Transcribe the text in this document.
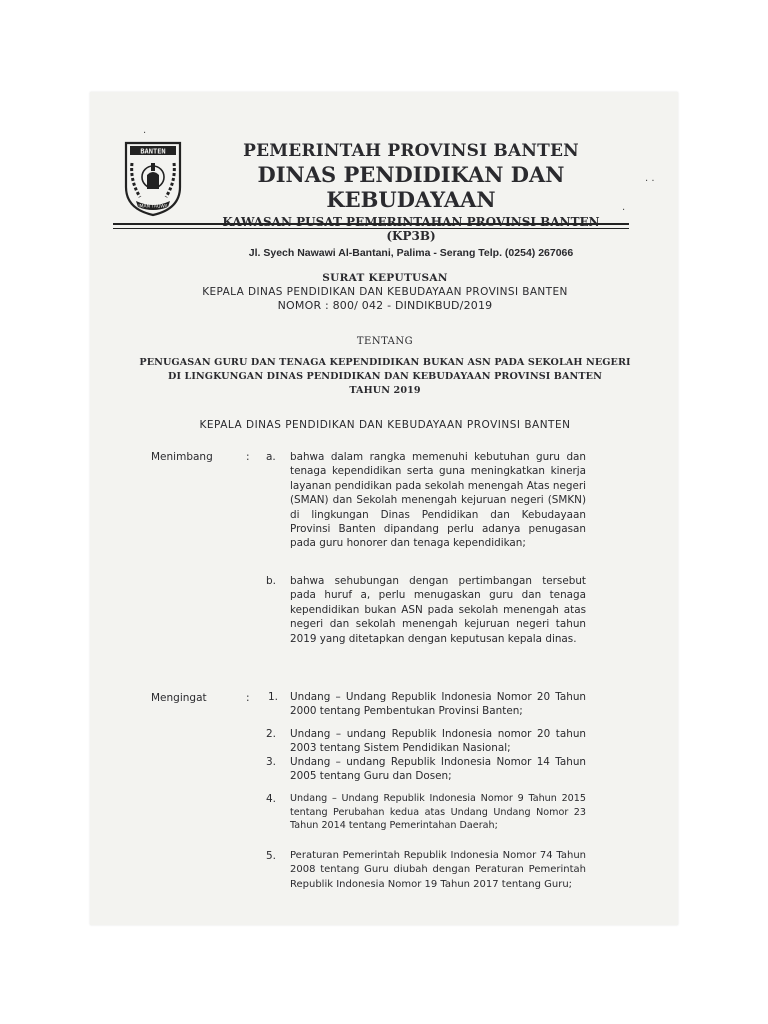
BANTEN
IMAN TAQWA
PEMERINTAH PROVINSI BANTEN
DINAS PENDIDIKAN DAN KEBUDAYAAN
KAWASAN PUSAT PEMERINTAHAN PROVINSI BANTEN (KP3B)
Jl. Syech Nawawi Al-Bantani, Palima - Serang Telp. (0254) 267066
SURAT KEPUTUSAN
KEPALA DINAS PENDIDIKAN DAN KEBUDAYAAN PROVINSI BANTEN
NOMOR : 800/ 042 - DINDIKBUD/2019
TENTANG
PENUGASAN GURU DAN TENAGA KEPENDIDIKAN BUKAN ASN PADA SEKOLAH NEGERI
DI LINGKUNGAN DINAS PENDIDIKAN DAN KEBUDAYAAN PROVINSI BANTEN
TAHUN 2019
KEPALA DINAS PENDIDIKAN DAN KEBUDAYAAN PROVINSI BANTEN
Menimbang	: a. bahwa dalam rangka memenuhi kebutuhan guru dan tenaga kependidikan serta guna meningkatkan kinerja layanan pendidikan pada sekolah menengah Atas negeri (SMAN) dan Sekolah menengah kejuruan negeri (SMKN) di lingkungan Dinas Pendidikan dan Kebudayaan Provinsi Banten dipandang perlu adanya penugasan pada guru honorer dan tenaga kependidikan;
b. bahwa sehubungan dengan pertimbangan tersebut pada huruf a, perlu menugaskan guru dan tenaga kependidikan bukan ASN pada sekolah menengah atas negeri dan sekolah menengah kejuruan negeri tahun 2019 yang ditetapkan dengan keputusan kepala dinas.
Mengingat	: 1. Undang – Undang Republik Indonesia Nomor 20 Tahun 2000 tentang Pembentukan Provinsi Banten;
2. Undang – undang Republik Indonesia nomor 20 tahun 2003 tentang Sistem Pendidikan Nasional;
3. Undang – undang Republik Indonesia Nomor 14 Tahun 2005 tentang Guru dan Dosen;
4. Undang – Undang Republik Indonesia Nomor 9 Tahun 2015 tentang Perubahan kedua atas Undang Undang Nomor 23 Tahun 2014 tentang Pemerintahan Daerah;
5. Peraturan Pemerintah Republik Indonesia Nomor 74 Tahun 2008 tentang Guru diubah dengan Peraturan Pemerintah Republik Indonesia Nomor 19 Tahun 2017 tentang Guru;
· ·
·
·
